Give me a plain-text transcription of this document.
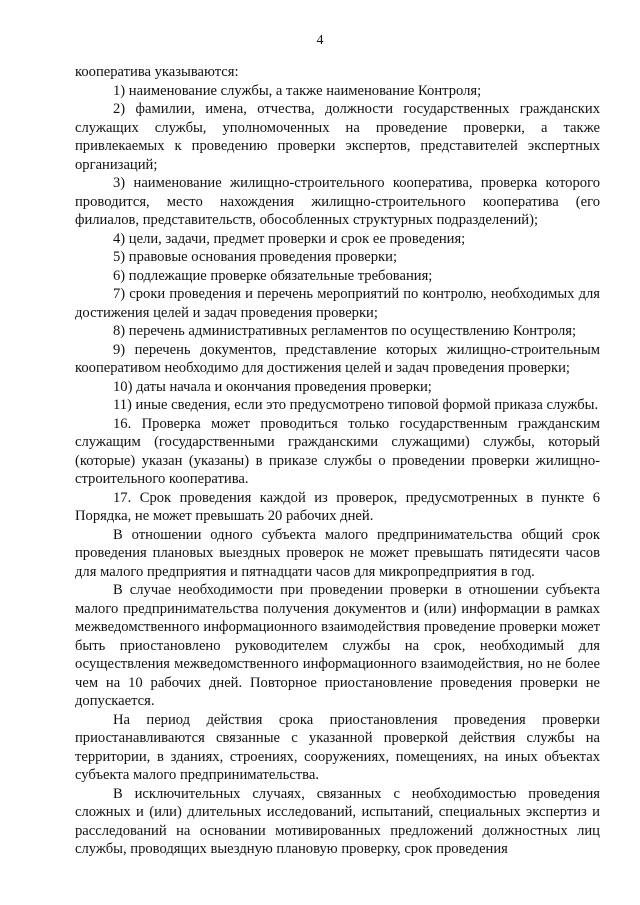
4

кооператива указываются:

1) наименование службы, а также наименование Контроля;

2) фамилии, имена, отчества, должности государственных гражданских служащих службы, уполномоченных на проведение проверки, а также привлекаемых к проведению проверки экспертов, представителей экспертных организаций;

3) наименование жилищно-строительного кооператива, проверка которого проводится, место нахождения жилищно-строительного кооператива (его филиалов, представительств, обособленных структурных подразделений);

4) цели, задачи, предмет проверки и срок ее проведения;

5) правовые основания проведения проверки;

6) подлежащие проверке обязательные требования;

7) сроки проведения и перечень мероприятий по контролю, необходимых для достижения целей и задач проведения проверки;

8) перечень административных регламентов по осуществлению Контроля;

9) перечень документов, представление которых жилищно-строительным кооперативом необходимо для достижения целей и задач проведения проверки;

10) даты начала и окончания проведения проверки;

11) иные сведения, если это предусмотрено типовой формой приказа службы.

16. Проверка может проводиться только государственным гражданским служащим (государственными гражданскими служащими) службы, который (которые) указан (указаны) в приказе службы о проведении проверки жилищно-строительного кооператива.

17. Срок проведения каждой из проверок, предусмотренных в пункте 6 Порядка, не может превышать 20 рабочих дней.

В отношении одного субъекта малого предпринимательства общий срок проведения плановых выездных проверок не может превышать пятидесяти часов для малого предприятия и пятнадцати часов для микропредприятия в год.

В случае необходимости при проведении проверки в отношении субъекта малого предпринимательства получения документов и (или) информации в рамках межведомственного информационного взаимодействия проведение проверки может быть приостановлено руководителем службы на срок, необходимый для осуществления межведомственного информационного взаимодействия, но не более чем на 10 рабочих дней. Повторное приостановление проведения проверки не допускается.

На период действия срока приостановления проведения проверки приостанавливаются связанные с указанной проверкой действия службы на территории, в зданиях, строениях, сооружениях, помещениях, на иных объектах субъекта малого предпринимательства.

В исключительных случаях, связанных с необходимостью проведения сложных и (или) длительных исследований, испытаний, специальных экспертиз и расследований на основании мотивированных предложений должностных лиц службы, проводящих выездную плановую проверку, срок проведения
